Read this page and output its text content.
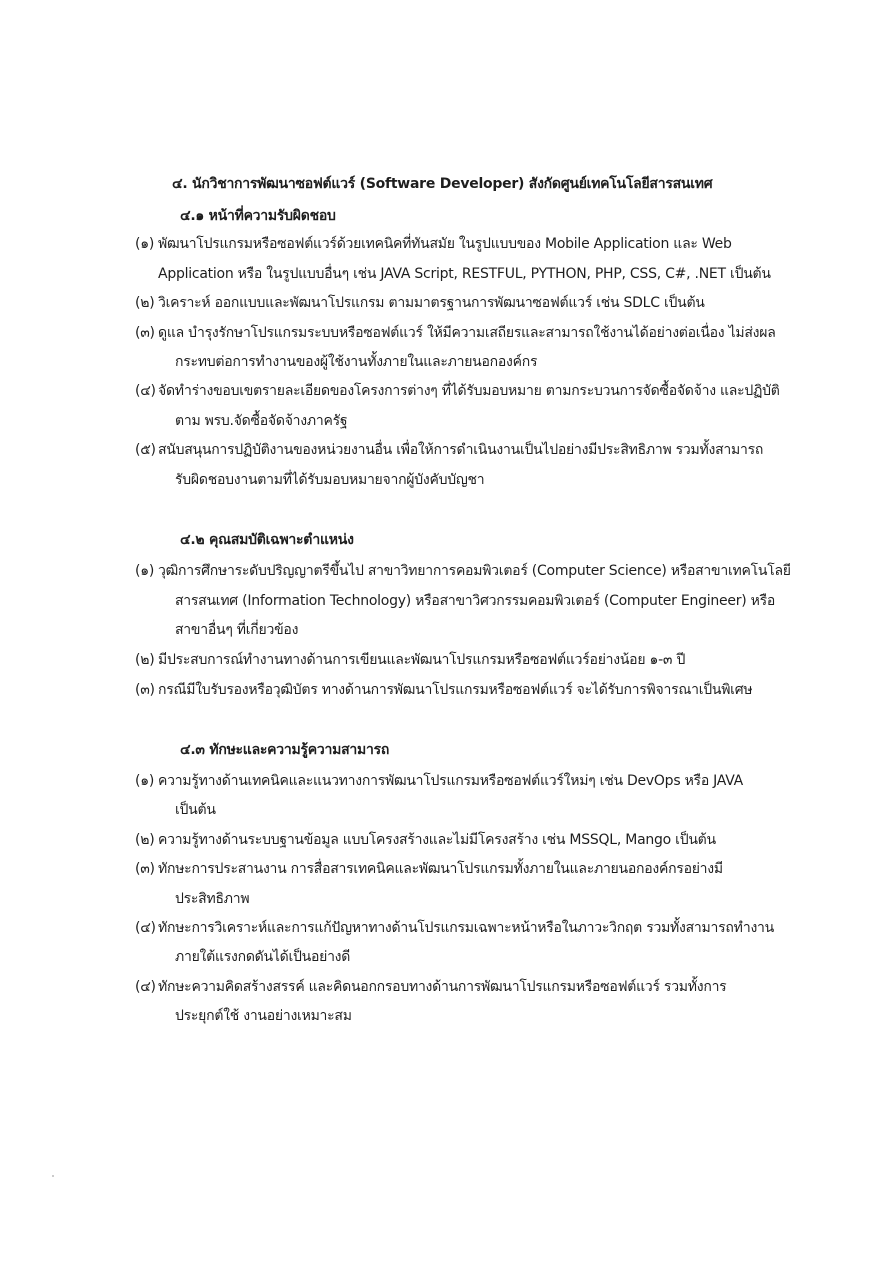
๔. นักวิชาการพัฒนาซอฟต์แวร์ (Software Developer) สังกัดศูนย์เทคโนโลยีสารสนเทศ
๔.๑ หน้าที่ความรับผิดชอบ
(๑) พัฒนาโปรแกรมหรือซอฟต์แวร์ด้วยเทคนิคที่ทันสมัย ในรูปแบบของ Mobile Application และ Web
Application หรือ ในรูปแบบอื่นๆ เช่น JAVA Script, RESTFUL, PYTHON, PHP, CSS, C#, .NET เป็นต้น
(๒) วิเคราะห์ ออกแบบและพัฒนาโปรแกรม ตามมาตรฐานการพัฒนาซอฟต์แวร์ เช่น SDLC เป็นต้น
(๓) ดูแล บำรุงรักษาโปรแกรมระบบหรือซอฟต์แวร์ ให้มีความเสถียรและสามารถใช้งานได้อย่างต่อเนื่อง ไม่ส่งผล
กระทบต่อการทำงานของผู้ใช้งานทั้งภายในและภายนอกองค์กร
(๔) จัดทำร่างขอบเขตรายละเอียดของโครงการต่างๆ ที่ได้รับมอบหมาย ตามกระบวนการจัดซื้อจัดจ้าง และปฏิบัติ
ตาม พรบ.จัดซื้อจัดจ้างภาครัฐ
(๕) สนับสนุนการปฏิบัติงานของหน่วยงานอื่น เพื่อให้การดำเนินงานเป็นไปอย่างมีประสิทธิภาพ รวมทั้งสามารถ
รับผิดชอบงานตามที่ได้รับมอบหมายจากผู้บังคับบัญชา
๔.๒ คุณสมบัติเฉพาะตำแหน่ง
(๑) วุฒิการศึกษาระดับปริญญาตรีขึ้นไป สาขาวิทยาการคอมพิวเตอร์ (Computer Science) หรือสาขาเทคโนโลยี
สารสนเทศ (Information Technology) หรือสาขาวิศวกรรมคอมพิวเตอร์ (Computer Engineer) หรือ
สาขาอื่นๆ ที่เกี่ยวข้อง
(๒) มีประสบการณ์ทำงานทางด้านการเขียนและพัฒนาโปรแกรมหรือซอฟต์แวร์อย่างน้อย ๑-๓ ปี
(๓) กรณีมีใบรับรองหรือวุฒิบัตร ทางด้านการพัฒนาโปรแกรมหรือซอฟต์แวร์ จะได้รับการพิจารณาเป็นพิเศษ
๔.๓ ทักษะและความรู้ความสามารถ
(๑) ความรู้ทางด้านเทคนิคและแนวทางการพัฒนาโปรแกรมหรือซอฟต์แวร์ใหม่ๆ เช่น DevOps หรือ JAVA
เป็นต้น
(๒) ความรู้ทางด้านระบบฐานข้อมูล แบบโครงสร้างและไม่มีโครงสร้าง เช่น MSSQL, Mango เป็นต้น
(๓) ทักษะการประสานงาน การสื่อสารเทคนิคและพัฒนาโปรแกรมทั้งภายในและภายนอกองค์กรอย่างมี
ประสิทธิภาพ
(๔) ทักษะการวิเคราะห์และการแก้ปัญหาทางด้านโปรแกรมเฉพาะหน้าหรือในภาวะวิกฤต รวมทั้งสามารถทำงาน
ภายใต้แรงกดดันได้เป็นอย่างดี
(๔) ทักษะความคิดสร้างสรรค์ และคิดนอกกรอบทางด้านการพัฒนาโปรแกรมหรือซอฟต์แวร์ รวมทั้งการ
ประยุกต์ใช้ งานอย่างเหมาะสม
